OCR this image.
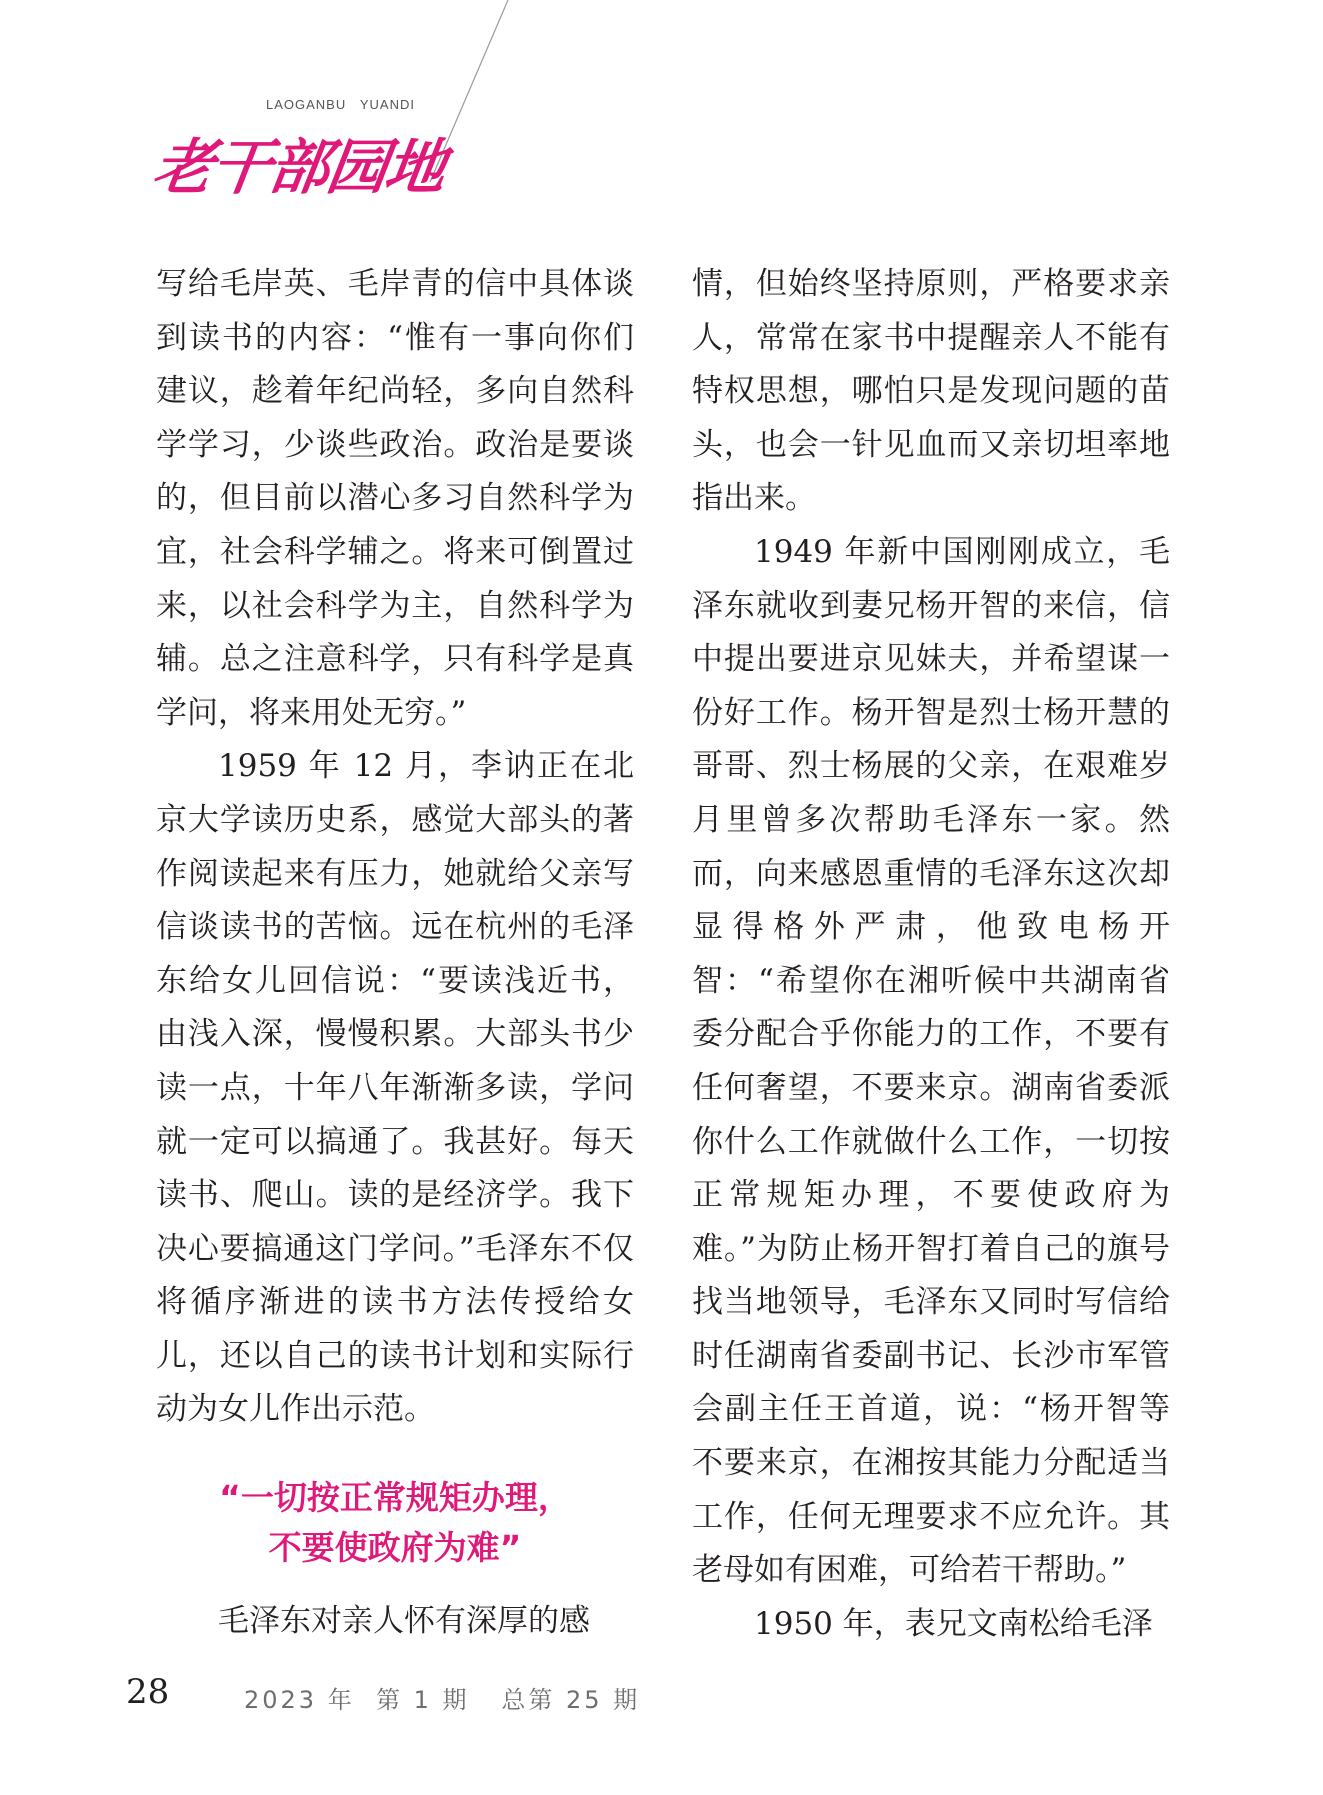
LAOGANBU   YUANDI
老干部园地

写给毛岸英、毛岸青的信中具体谈到读书的内容：“惟有一事向你们建议，趁着年纪尚轻，多向自然科学学习，少谈些政治。政治是要谈的，但目前以潜心多习自然科学为宜，社会科学辅之。将来可倒置过来，以社会科学为主，自然科学为辅。总之注意科学，只有科学是真学问，将来用处无穷。”

1959 年 12 月，李讷正在北京大学读历史系，感觉大部头的著作阅读起来有压力，她就给父亲写信谈读书的苦恼。远在杭州的毛泽东给女儿回信说：“要读浅近书，由浅入深，慢慢积累。大部头书少读一点，十年八年渐渐多读，学问就一定可以搞通了。我甚好。每天读书、爬山。读的是经济学。我下决心要搞通这门学问。”毛泽东不仅将循序渐进的读书方法传授给女儿，还以自己的读书计划和实际行动为女儿作出示范。

“一切按正常规矩办理，
不要使政府为难”

毛泽东对亲人怀有深厚的感

情，但始终坚持原则，严格要求亲人，常常在家书中提醒亲人不能有特权思想，哪怕只是发现问题的苗头，也会一针见血而又亲切坦率地指出来。

1949 年新中国刚刚成立，毛泽东就收到妻兄杨开智的来信，信中提出要进京见妹夫，并希望谋一份好工作。杨开智是烈士杨开慧的哥哥、烈士杨展的父亲，在艰难岁月里曾多次帮助毛泽东一家。然而，向来感恩重情的毛泽东这次却显得格外严肃，他致电杨开智：“希望你在湘听候中共湖南省委分配合乎你能力的工作，不要有任何奢望，不要来京。湖南省委派你什么工作就做什么工作，一切按正常规矩办理，不要使政府为难。”为防止杨开智打着自己的旗号找当地领导，毛泽东又同时写信给时任湖南省委副书记、长沙市军管会副主任王首道，说：“杨开智等不要来京，在湘按其能力分配适当工作，任何无理要求不应允许。其老母如有困难，可给若干帮助。”

1950 年，表兄文南松给毛泽

28	2023 年  第 1 期   总第 25 期
